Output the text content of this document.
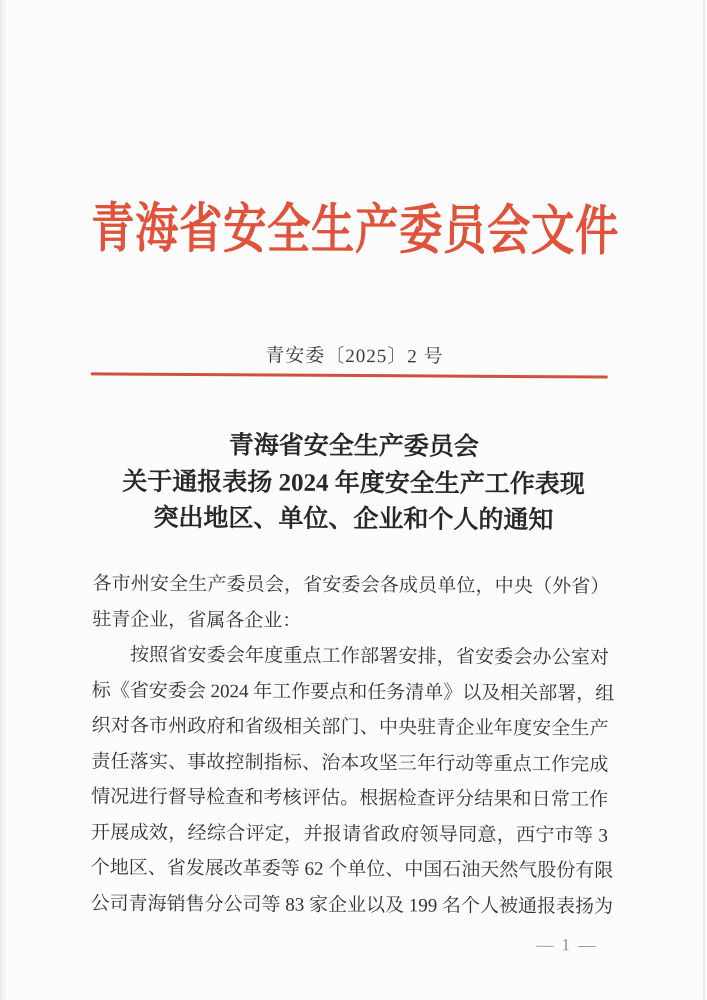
青海省安全生产委员会文件
青安委〔2025〕2 号
青海省安全生产委员会
关于通报表扬 2024 年度安全生产工作表现
突出地区、单位、企业和个人的通知
各市州安全生产委员会，省安委会各成员单位，中央（外省）
驻青企业，省属各企业：
按照省安委会年度重点工作部署安排，省安委会办公室对
标《省安委会 2024 年工作要点和任务清单》以及相关部署，组
织对各市州政府和省级相关部门、中央驻青企业年度安全生产
责任落实、事故控制指标、治本攻坚三年行动等重点工作完成
情况进行督导检查和考核评估。根据检查评分结果和日常工作
开展成效，经综合评定，并报请省政府领导同意，西宁市等 3
个地区、省发展改革委等 62 个单位、中国石油天然气股份有限
公司青海销售分公司等 83 家企业以及 199 名个人被通报表扬为
— 1 —
